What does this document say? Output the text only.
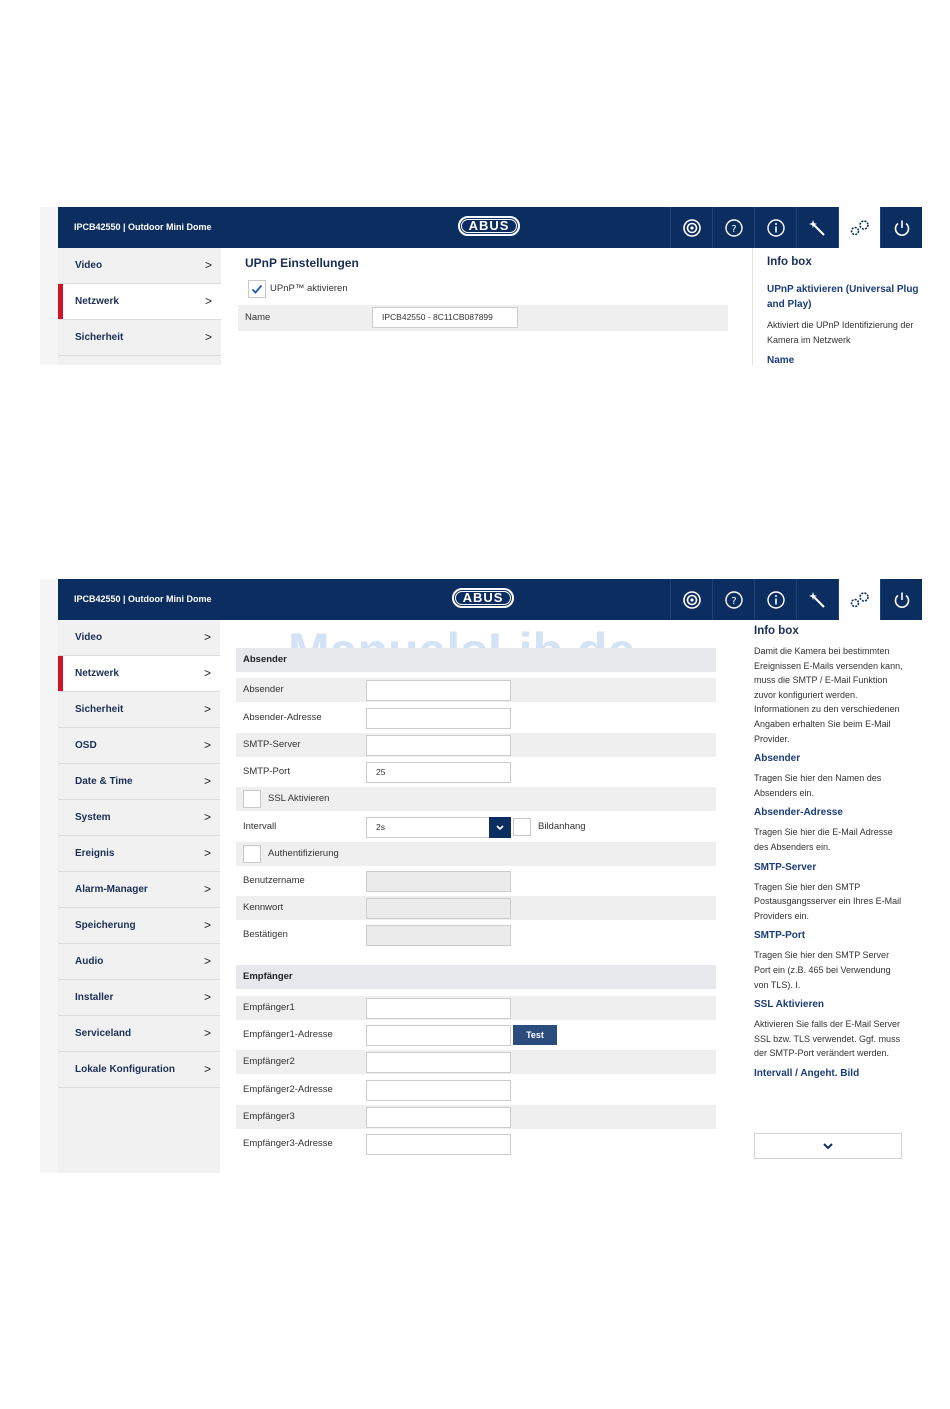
IPCB42550 | Outdoor Mini Dome	ABUS	?
Video	>
Netzwerk	>
Sicherheit	>
UPnP Einstellungen
UPnP™ aktivieren
Name	IPCB42550 - 8C11CB087899
Info box
UPnP aktivieren (Universal Plug and Play)
Aktiviert die UPnP Identifizierung der Kamera im Netzwerk
Name
IPCB42550 | Outdoor Mini Dome	ABUS	?
Video	>
Netzwerk	>
Sicherheit	>
OSD	>
Date & Time	>
System	>
Ereignis	>
Alarm-Manager	>
Speicherung	>
Audio	>
Installer	>
Serviceland	>
Lokale Konfiguration >
Absender
Absender
Absender-Adresse
SMTP-Server
SMTP-Port	25
SSL Aktivieren
Intervall	2s	Bildanhang
Authentifizierung
Benutzername
Kennwort
Bestätigen
Empfänger
Empfänger1
Empfänger1-Adresse	Test
Empfänger2
Empfänger2-Adresse
Empfänger3
Empfänger3-Adresse
Info box
Damit die Kamera bei bestimmten Ereignissen E-Mails versenden kann, muss die SMTP / E-Mail Funktion zuvor konfiguriert werden. Informationen zu den verschiedenen Angaben erhalten Sie beim E-Mail Provider.
Absender
Tragen Sie hier den Namen des Absenders ein.
Absender-Adresse
Tragen Sie hier die E-Mail Adresse des Absenders ein.
SMTP-Server
Tragen Sie hier den SMTP Postausgangsserver ein Ihres E-Mail Providers ein.
SMTP-Port
Tragen Sie hier den SMTP Server Port ein (z.B. 465 bei Verwendung von TLS). I.
SSL Aktivieren
Aktivieren Sie falls der E-Mail Server SSL bzw. TLS verwendet. Ggf. muss der SMTP-Port verändert werden.
Intervall / Angeht. Bild
